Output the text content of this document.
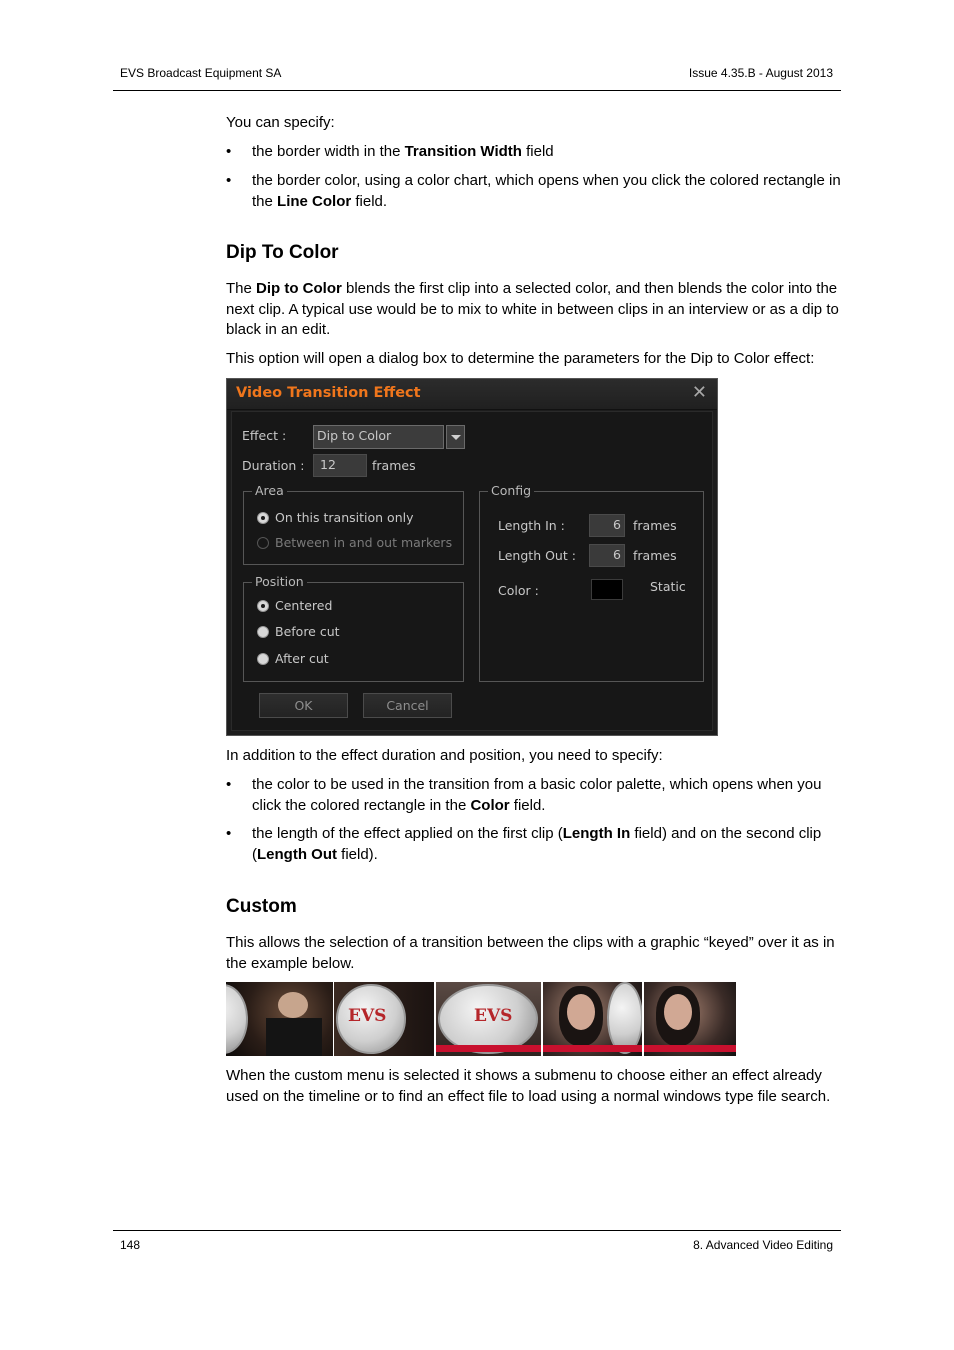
EVS Broadcast Equipment SA	Issue 4.35.B - August 2013

You can specify:

• the border width in the Transition Width field
• the border color, using a color chart, which opens when you click the colored rectangle in the Line Color field.
Dip To Color

The Dip to Color blends the first clip into a selected color, and then blends the color into the next clip. A typical use would be to mix to white in between clips in an interview or as a dip to black in an edit.

This option will open a dialog box to determine the parameters for the Dip to Color effect:

Video Transition Effect	✕
Effect :	Dip to Color
Duration :	12	frames
Area
On this transition only
Between in and out markers
Position
Centered
Before cut
After cut
Config
Length In :	6 frames
Length Out :	6 frames
Color :	Static
OK	Cancel

In addition to the effect duration and position, you need to specify:

• the color to be used in the transition from a basic color palette, which opens when you click the colored rectangle in the Color field.
• the length of the effect applied on the first clip (Length In field) and on the second clip (Length Out field).
Custom

This allows the selection of a transition between the clips with a graphic “keyed” over it as in the example below.

EVS	EVS

When the custom menu is selected it shows a submenu to choose either an effect already used on the timeline or to find an effect file to load using a normal windows type file search.

148	8. Advanced Video Editing
